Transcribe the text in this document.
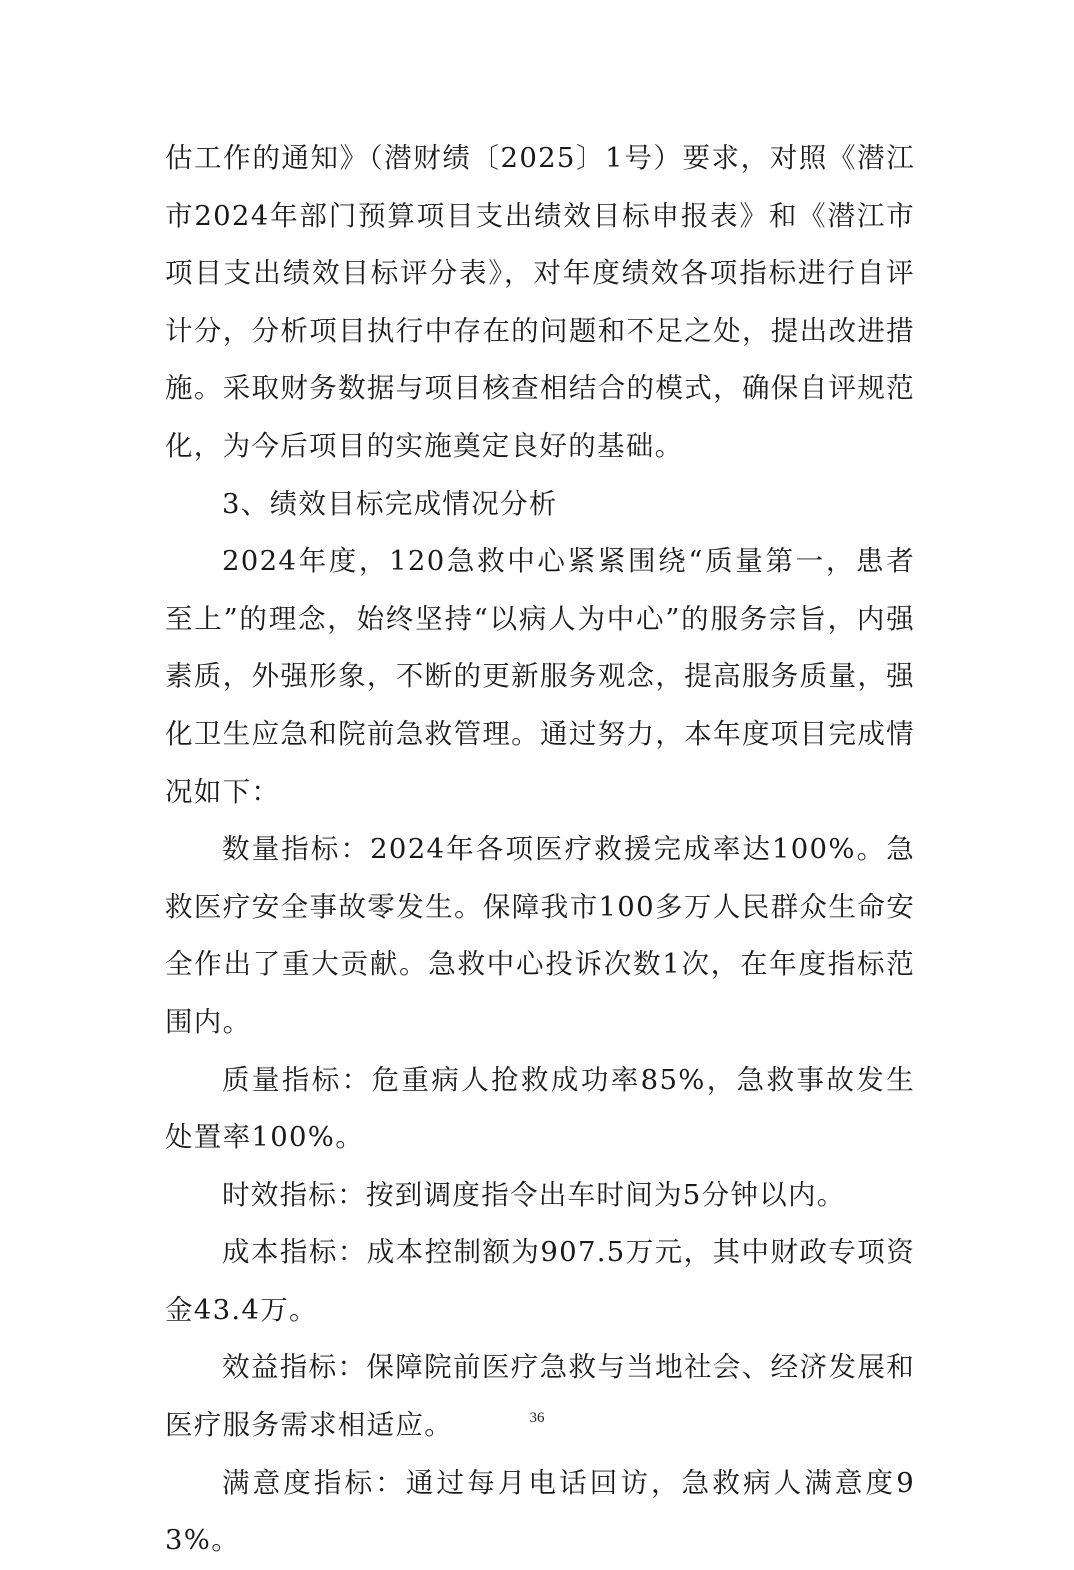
估工作的通知》（潜财绩〔2025〕1号）要求，对照《潜江市2024年部门预算项目支出绩效目标申报表》和《潜江市项目支出绩效目标评分表》，对年度绩效各项指标进行自评计分，分析项目执行中存在的问题和不足之处，提出改进措施。采取财务数据与项目核查相结合的模式，确保自评规范化，为今后项目的实施奠定良好的基础。

3、绩效目标完成情况分析

2024年度，120急救中心紧紧围绕“质量第一，患者至上”的理念，始终坚持“以病人为中心”的服务宗旨，内强素质，外强形象，不断的更新服务观念，提高服务质量，强化卫生应急和院前急救管理。通过努力，本年度项目完成情况如下：

数量指标：2024年各项医疗救援完成率达100%。急救医疗安全事故零发生。保障我市100多万人民群众生命安全作出了重大贡献。急救中心投诉次数1次，在年度指标范围内。

质量指标：危重病人抢救成功率85%，急救事故发生处置率100%。

时效指标：按到调度指令出车时间为5分钟以内。

成本指标：成本控制额为907.5万元，其中财政专项资金43.4万。

效益指标：保障院前医疗急救与当地社会、经济发展和医疗服务需求相适应。

满意度指标：通过每月电话回访，急救病人满意度93%。

36
